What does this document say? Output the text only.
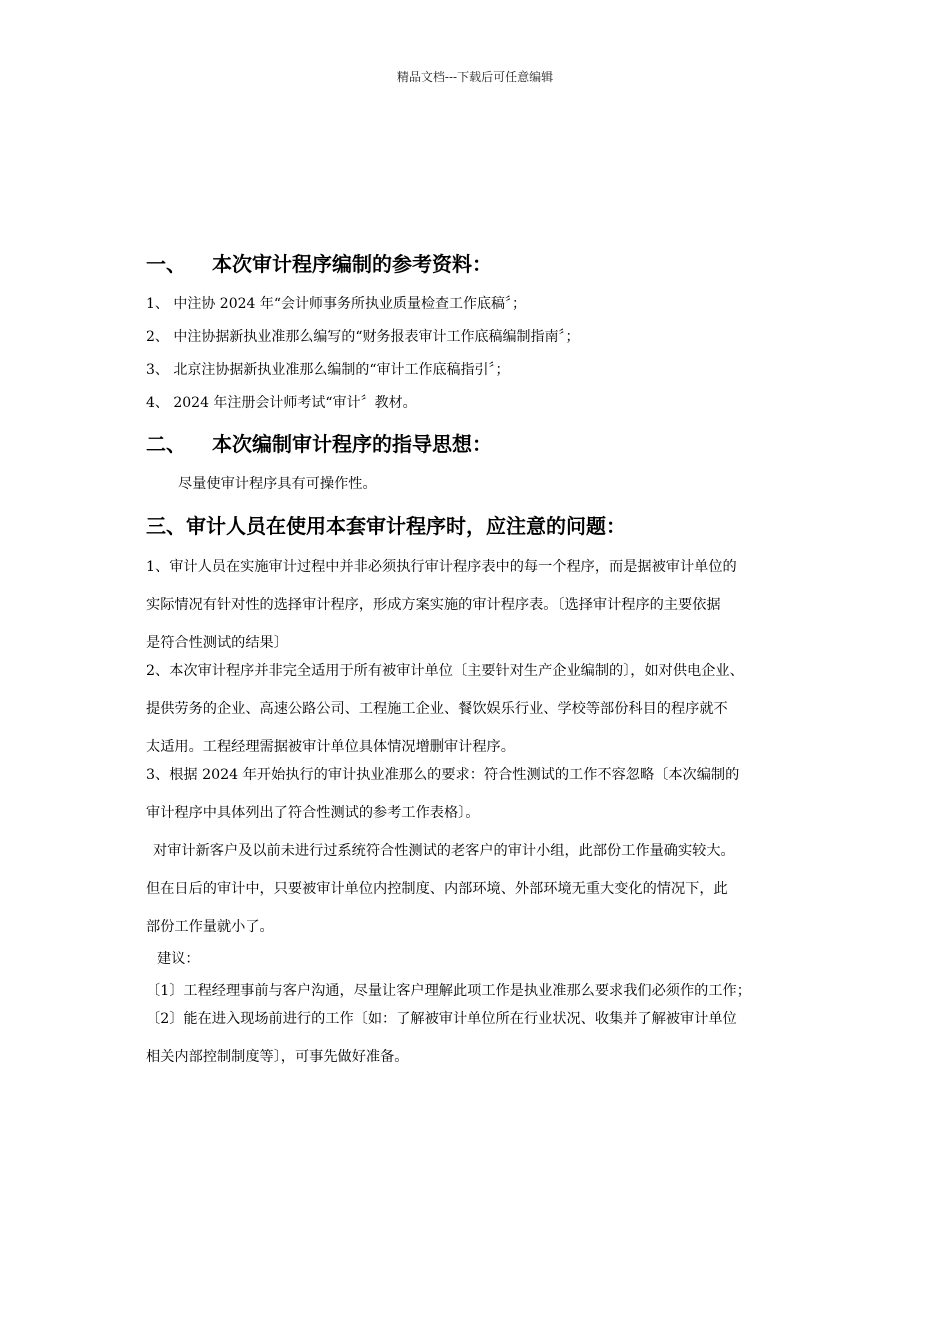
精品文档---下载后可任意编辑
一、 本次审计程序编制的参考资料：

1、 中注协 2024 年“会计师事务所执业质量检查工作底稿〞；

2、 中注协据新执业准那么编写的“财务报表审计工作底稿编制指南〞；

3、 北京注协据新执业准那么编制的“审计工作底稿指引〞；

4、 2024 年注册会计师考试“审计〞教材。

二、 本次编制审计程序的指导思想：

尽量使审计程序具有可操作性。

三、审计人员在使用本套审计程序时，应注意的问题：

1、审计人员在实施审计过程中并非必须执行审计程序表中的每一个程序，而是据被审计单位的

实际情况有针对性的选择审计程序，形成方案实施的审计程序表。〔选择审计程序的主要依据

是符合性测试的结果〕

2、本次审计程序并非完全适用于所有被审计单位〔主要针对生产企业编制的〕，如对供电企业、

提供劳务的企业、高速公路公司、工程施工企业、餐饮娱乐行业、学校等部份科目的程序就不

太适用。工程经理需据被审计单位具体情况增删审计程序。

3、根据 2024 年开始执行的审计执业准那么的要求：符合性测试的工作不容忽略〔本次编制的

审计程序中具体列出了符合性测试的参考工作表格〕。

对审计新客户及以前未进行过系统符合性测试的老客户的审计小组，此部份工作量确实较大。

但在日后的审计中，只要被审计单位内控制度、内部环境、外部环境无重大变化的情况下，此

部份工作量就小了。

建议：

〔1〕工程经理事前与客户沟通，尽量让客户理解此项工作是执业准那么要求我们必须作的工作；

〔2〕能在进入现场前进行的工作〔如：了解被审计单位所在行业状况、收集并了解被审计单位

相关内部控制制度等〕，可事先做好准备。
